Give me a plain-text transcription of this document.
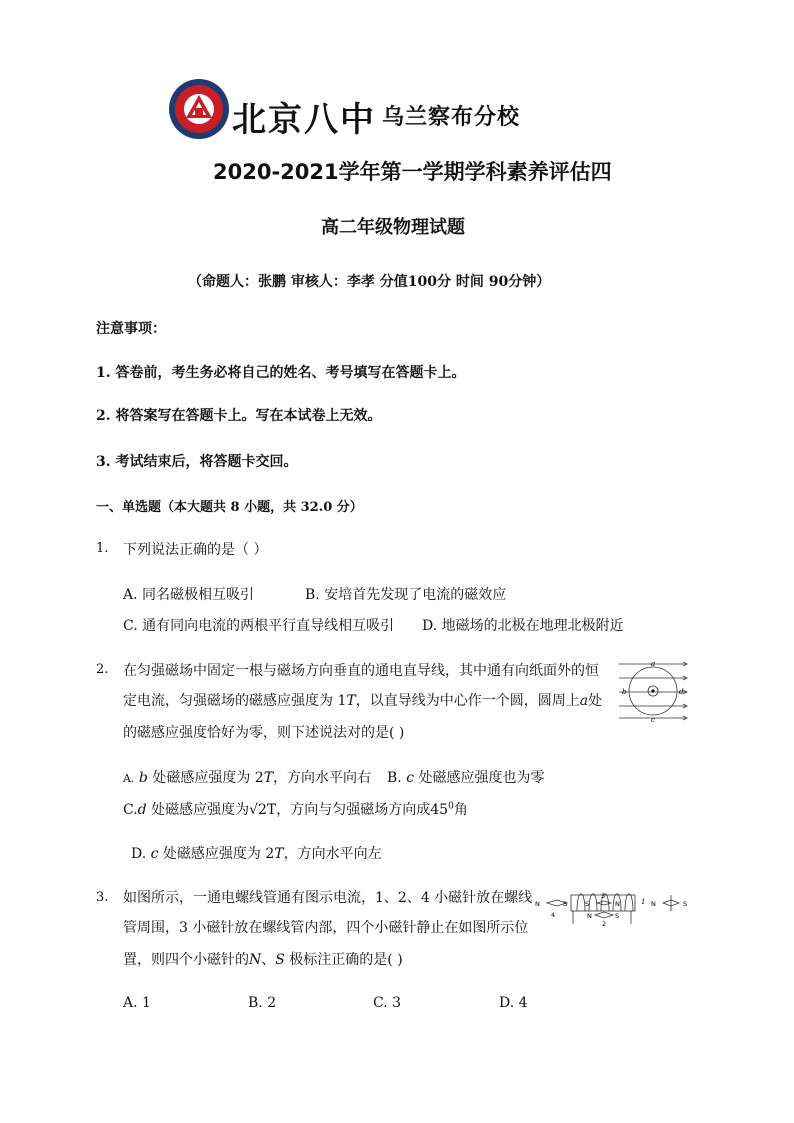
北京八中 乌兰察布分校
2020-2021学年第一学期学科素养评估四
高二年级物理试题
（命题人：张鹏 审核人：李孝 分值100分 时间 90分钟）
注意事项：
1. 答卷前，考生务必将自己的姓名、考号填写在答题卡上。
2. 将答案写在答题卡上。写在本试卷上无效。
3. 考试结束后，将答题卡交回。
一、单选题（本大题共 8 小题，共 32.0 分）
1. 下列说法正确的是（ ）
A. 同名磁极相互吸引	B. 安培首先发现了电流的磁效应
C. 通有同向电流的两根平行直导线相互吸引 D. 地磁场的北极在地理北极附近
2. 在匀强磁场中固定一根与磁场方向垂直的通电直导线，其中通有向纸面外的恒
定电流，匀强磁场的磁感应强度为 1T，以直导线为中心作一个圆，圆周上a处
的磁感应强度恰好为零，则下述说法对的是( )
a
b
c
d
A. b 处磁感应强度为 2T，方向水平向右 B. c 处磁感应强度也为零
C.d 处磁感应强度为√2T，方向与匀强磁场方向成$45^0$角
D. c 处磁感应强度为 2T，方向水平向左
3. 如图所示，一通电螺线管通有图示电流，1、2、4 小磁针放在螺线
管周围，3 小磁针放在螺线管内部，四个小磁针静止在如图所示位
置，则四个小磁针的N、S 极标注正确的是( )
N	S
4
S	N
3
N	S
2
N	S
1
A. 1	B. 2	C. 3	D. 4
